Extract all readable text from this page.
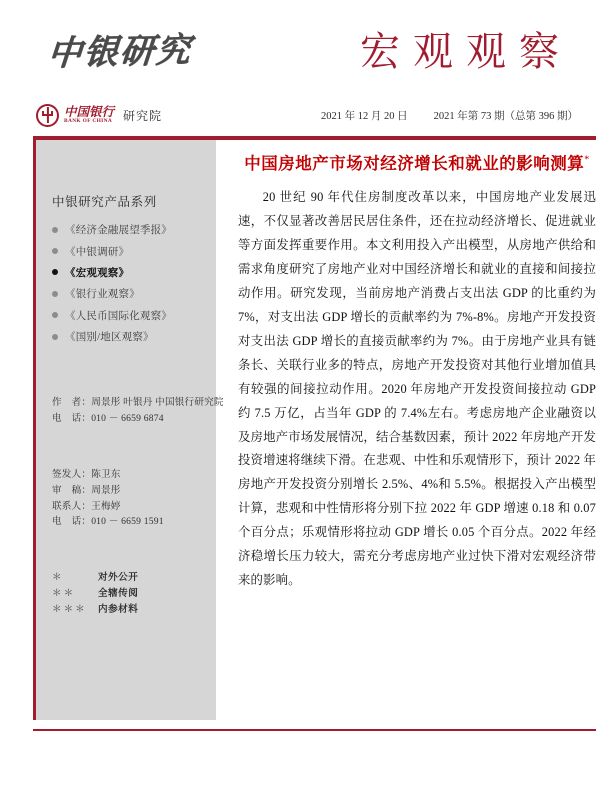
中银研究	宏观观察
中国银行
BANK OF CHINA 研究院	2021 年 12 月 20 日 2021 年第 73 期（总第 396 期）
中银研究产品系列
《经济金融展望季报》
《中银调研》
《宏观观察》
《银行业观察》
《人民币国际化观察》
《国别/地区观察》
作　者：周景彤 叶银丹 中国银行研究院
电　话：010 － 6659 6874
签发人：陈卫东
审　稿：周景彤
联系人：王梅婷
电　话：010 － 6659 1591
＊	对外公开
＊＊ 全辖传阅
＊＊＊ 内参材料
中国房地产市场对经济增长和就业的影响测算*

20 世纪 90 年代住房制度改革以来，中国房地产业发展迅速，不仅显著改善居民居住条件，还在拉动经济增长、促进就业等方面发挥重要作用。本文利用投入产出模型，从房地产供给和需求角度研究了房地产业对中国经济增长和就业的直接和间接拉动作用。研究发现，当前房地产消费占支出法 GDP 的比重约为 7%，对支出法 GDP 增长的贡献率约为 7%-8%。房地产开发投资对支出法 GDP 增长的直接贡献率约为 7%。由于房地产业具有链条长、关联行业多的特点，房地产开发投资对其他行业增加值具有较强的间接拉动作用。2020 年房地产开发投资间接拉动 GDP 约 7.5 万亿，占当年 GDP 的 7.4%左右。考虑房地产企业融资以及房地产市场发展情况，结合基数因素，预计 2022 年房地产开发投资增速将继续下滑。在悲观、中性和乐观情形下，预计 2022 年房地产开发投资分别增长 2.5%、4%和 5.5%。根据投入产出模型计算，悲观和中性情形将分别下拉 2022 年 GDP 增速 0.18 和 0.07 个百分点；乐观情形将拉动 GDP 增长 0.05 个百分点。2022 年经济稳增长压力较大，需充分考虑房地产业过快下滑对宏观经济带来的影响。
